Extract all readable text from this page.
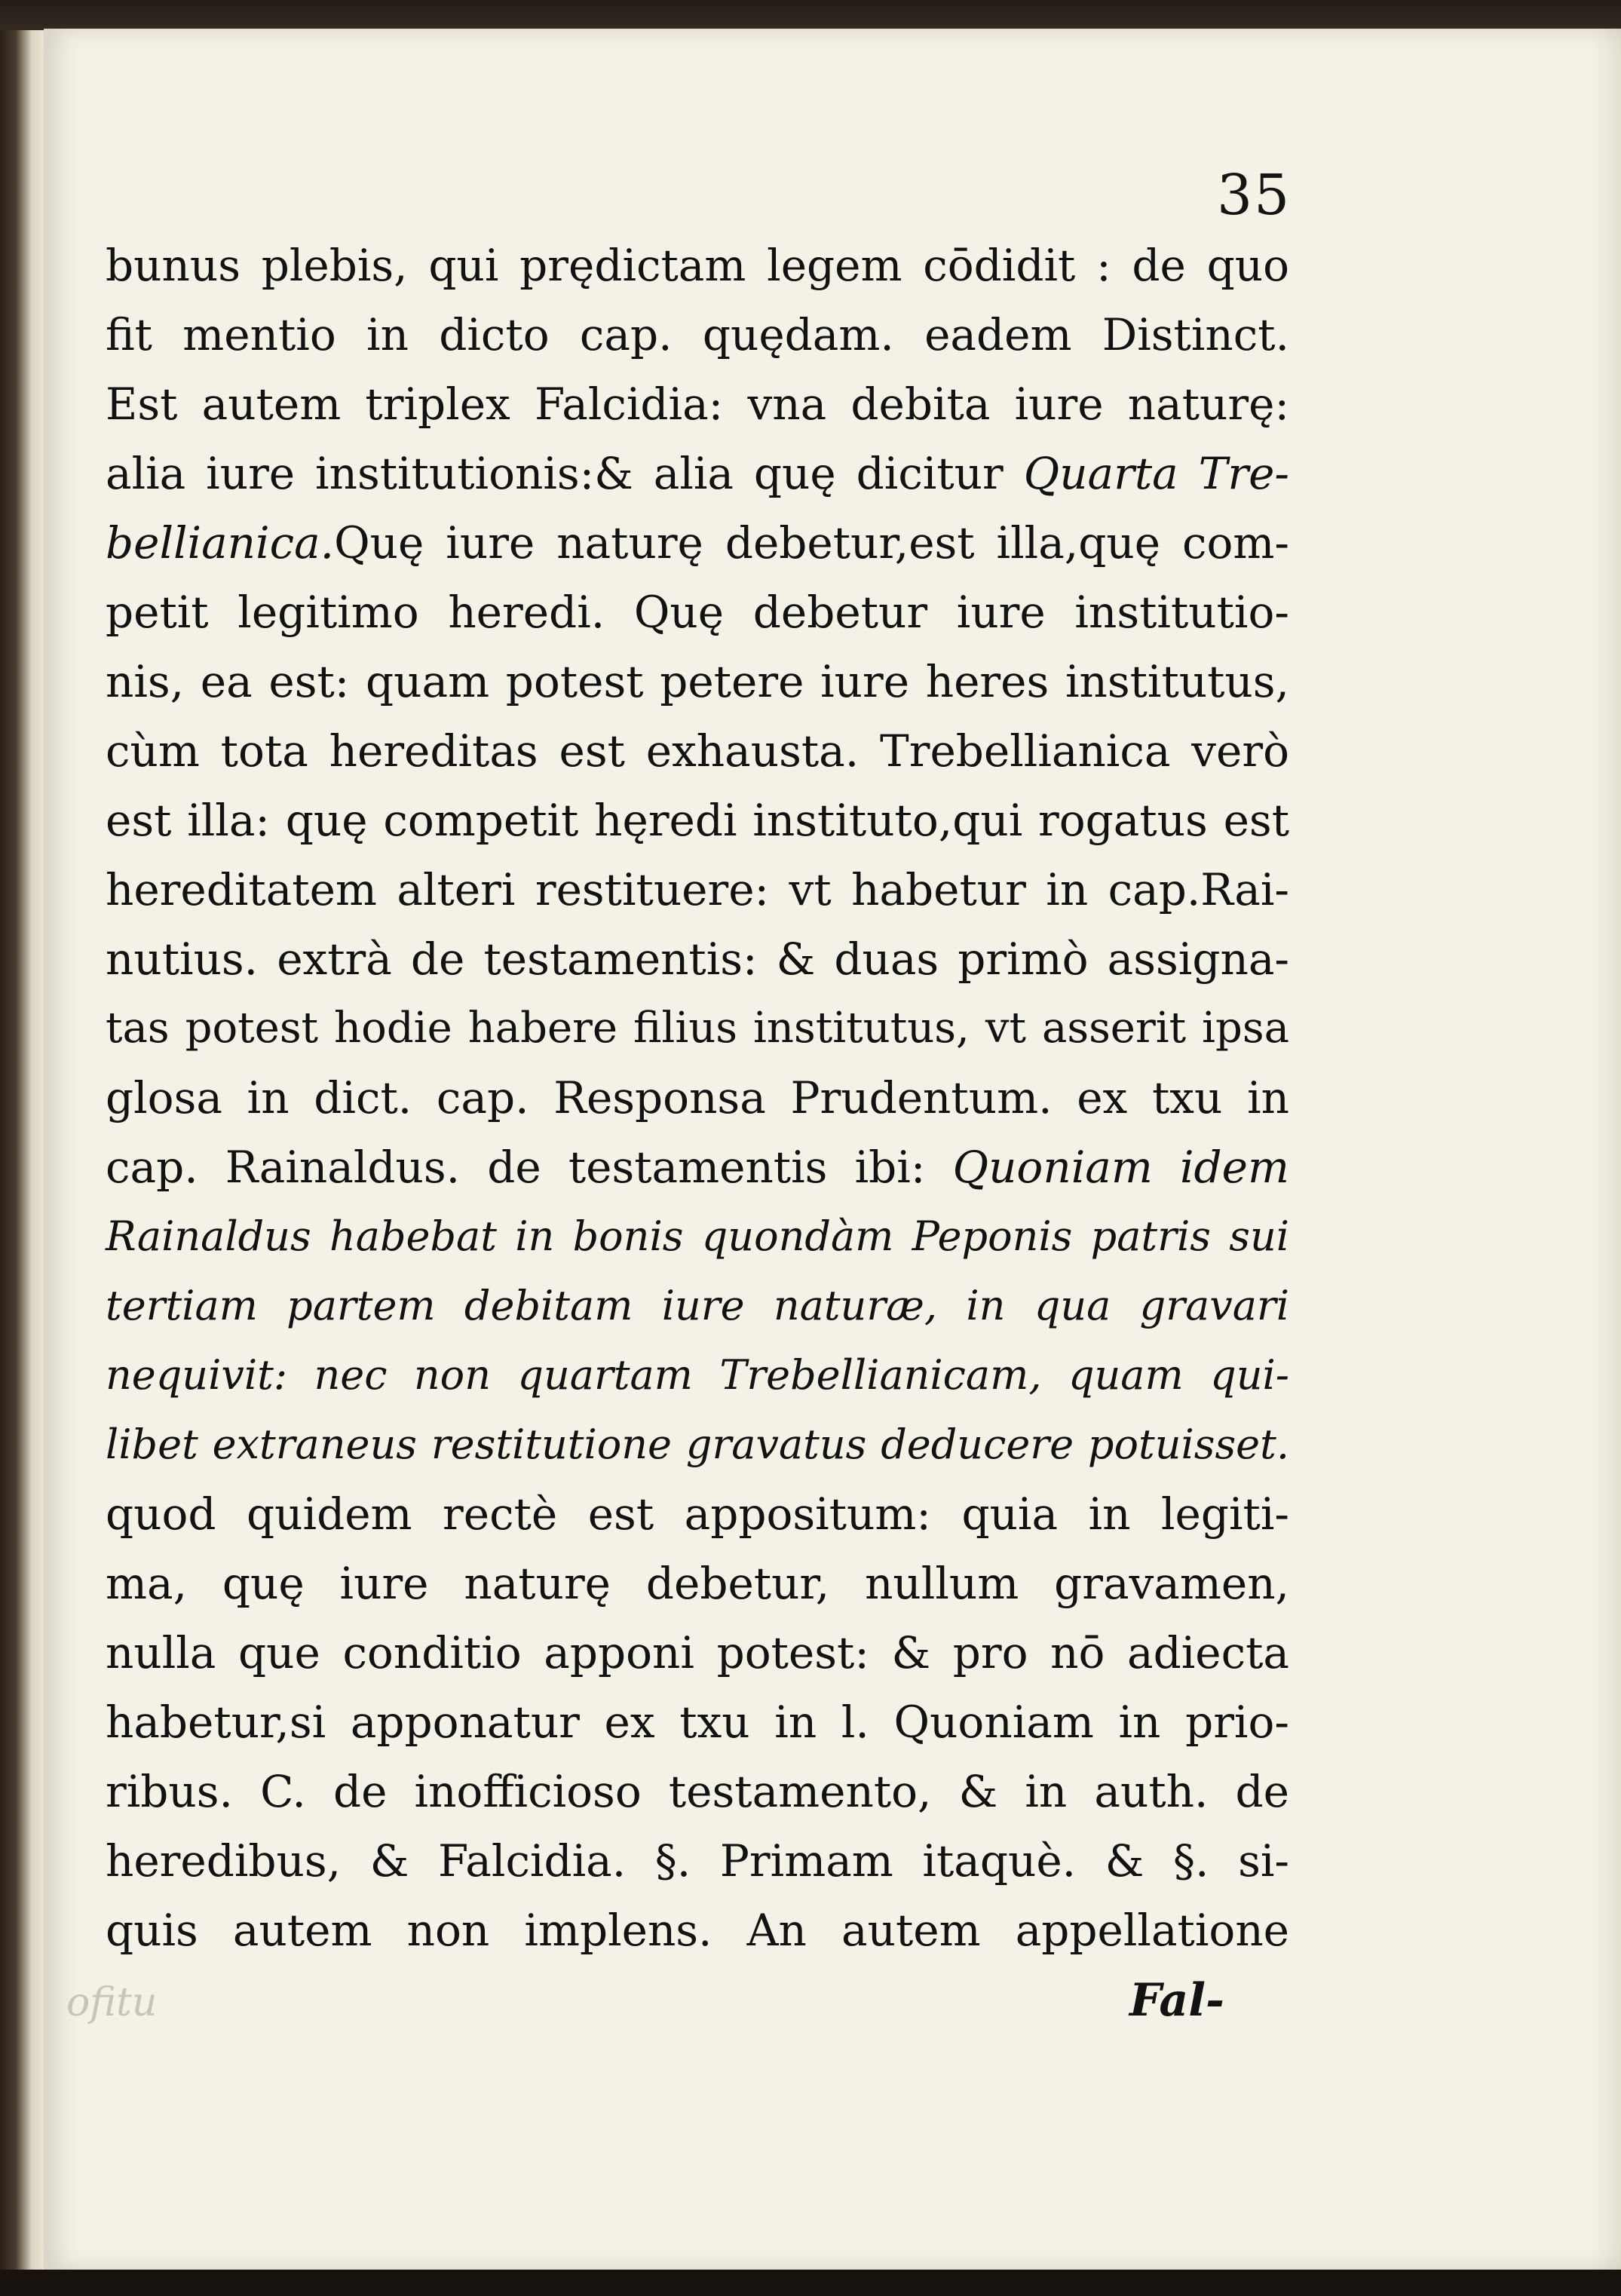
35
bunus plebis, qui prędictam legem cōdidit : de quo
fit mentio in dicto cap. quędam. eadem Distinct.
Est autem triplex Falcidia: vna debita iure naturę:
alia iure institutionis:& alia quę dicitur Quarta Tre-
bellianica.Quę iure naturę debetur,est illa,quę com-
petit legitimo heredi. Quę debetur iure institutio-
nis, ea est: quam potest petere iure heres institutus,
cùm tota hereditas est exhausta. Trebellianica verò
est illa: quę competit hęredi instituto,qui rogatus est
hereditatem alteri restituere: vt habetur in cap.Rai-
nutius. extrà de testamentis: & duas primò assigna-
tas potest hodie habere filius institutus, vt asserit ipsa
glosa in dict. cap. Responsa Prudentum. ex txu in
cap. Rainaldus. de testamentis ibi: Quoniam idem
Rainaldus habebat in bonis quondàm Peponis patris sui
tertiam partem debitam iure naturæ, in qua gravari
nequivit: nec non quartam Trebellianicam, quam qui-
libet extraneus restitutione gravatus deducere potuisset.
quod quidem rectè est appositum: quia in legiti-
ma, quę iure naturę debetur, nullum gravamen,
nulla que conditio apponi potest: & pro nō adiecta
habetur,si apponatur ex txu in l. Quoniam in prio-
ribus. C. de inofficioso testamento, & in auth. de
heredibus, & Falcidia. §. Primam itaquè. & §. si-
quis autem non implens. An autem appellatione
Fal-
ofitu
